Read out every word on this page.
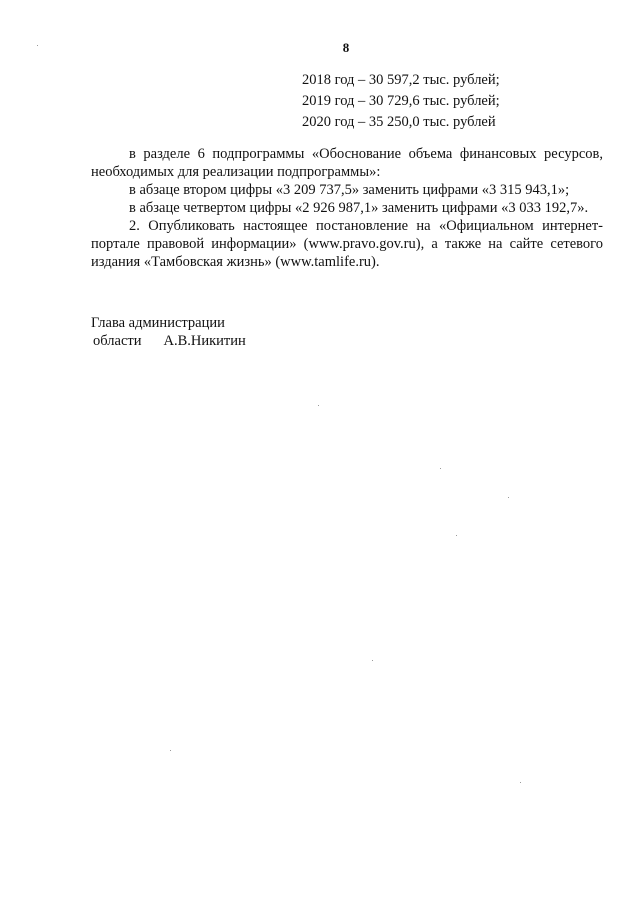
8
2018 год – 30 597,2 тыс. рублей;
2019 год – 30 729,6 тыс. рублей;
2020 год – 35 250,0 тыс. рублей

в разделе 6 подпрограммы «Обоснование объема финансовых ресурсов, необходимых для реализации подпрограммы»:

в абзаце втором цифры «3 209 737,5» заменить цифрами «3 315 943,1»;

в абзаце четвертом цифры «2 926 987,1» заменить цифрами «3 033 192,7».

2. Опубликовать настоящее постановление на «Официальном интернет-портале правовой информации» (www.pravo.gov.ru), а также на сайте сетевого издания «Тамбовская жизнь» (www.tamlife.ru).

Глава администрации
области А.В.Никитин
